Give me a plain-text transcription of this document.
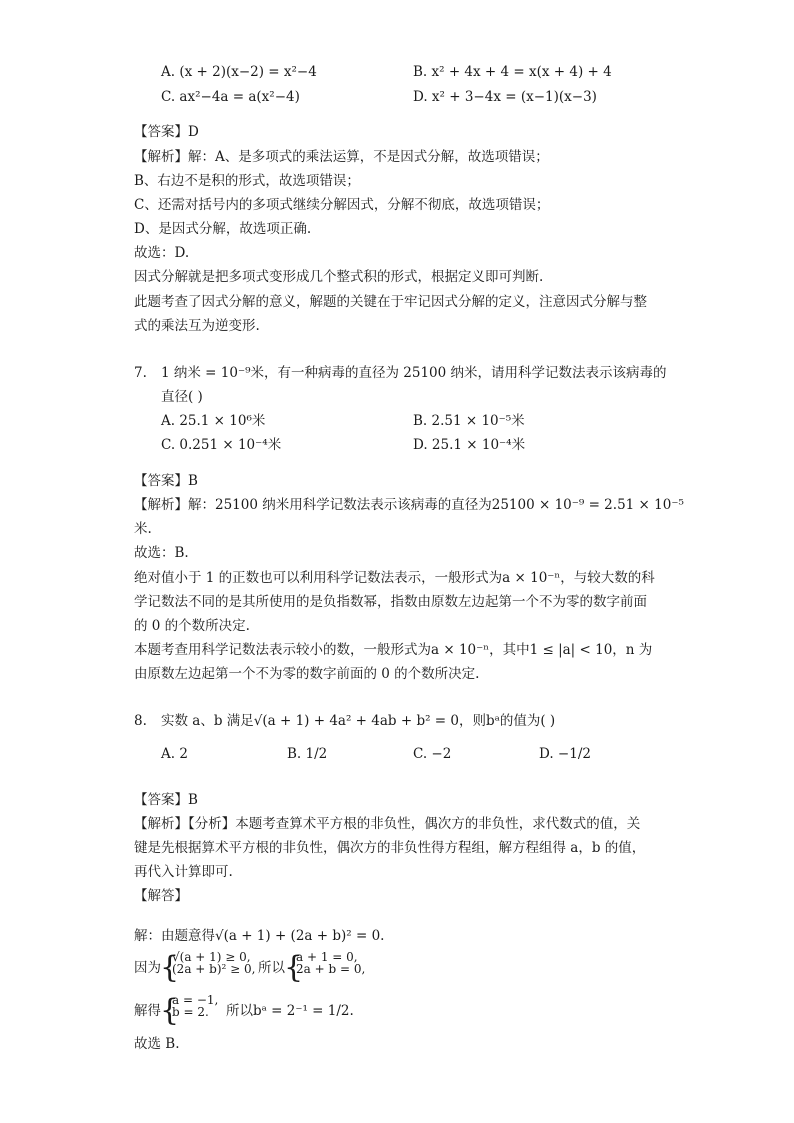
A. (x + 2)(x−2) = x²−4	B. x² + 4x + 4 = x(x + 4) + 4
C. ax²−4a = a(x²−4)	D. x² + 3−4x = (x−1)(x−3)
【答案】D
【解析】解：A、是多项式的乘法运算，不是因式分解，故选项错误；
B、右边不是积的形式，故选项错误；
C、还需对括号内的多项式继续分解因式，分解不彻底，故选项错误；
D、是因式分解，故选项正确.
故选：D.
因式分解就是把多项式变形成几个整式积的形式，根据定义即可判断.
此题考查了因式分解的意义，解题的关键在于牢记因式分解的定义，注意因式分解与整
式的乘法互为逆变形.
7. 1 纳米 = 10⁻⁹米，有一种病毒的直径为 25100 纳米，请用科学记数法表示该病毒的
直径( )
A. 25.1 × 10⁶米	B. 2.51 × 10⁻⁵米
C. 0.251 × 10⁻⁴米	D. 25.1 × 10⁻⁴米
【答案】B
【解析】解：25100 纳米用科学记数法表示该病毒的直径为25100 × 10⁻⁹ = 2.51 × 10⁻⁵
米.
故选：B.
绝对值小于 1 的正数也可以利用科学记数法表示，一般形式为a × 10⁻ⁿ，与较大数的科
学记数法不同的是其所使用的是负指数幂，指数由原数左边起第一个不为零的数字前面
的 0 的个数所决定.
本题考查用科学记数法表示较小的数，一般形式为a × 10⁻ⁿ，其中1 ≤ |a| < 10，n 为
由原数左边起第一个不为零的数字前面的 0 的个数所决定.
8. 实数 a、b 满足√(a + 1) + 4a² + 4ab + b² = 0，则bᵃ的值为( )
A. 2	B. 1/2	C. −2	D. −1/2
【答案】B
【解析】【分析】本题考查算术平方根的非负性，偶次方的非负性，求代数式的值，关
键是先根据算术平方根的非负性，偶次方的非负性得方程组，解方程组得 a，b 的值，
再代入计算即可.
【解答】
解：由题意得√(a + 1) + (2a + b)² = 0.
因为 {
√(a + 1) ≥ 0,
(2a + b)² ≥ 0, 所以 {
a + 1 = 0,
2a + b = 0,
解得 {
a = −1,
b = 2.	所以bᵃ = 2⁻¹ = 1/2.
故选 B.
